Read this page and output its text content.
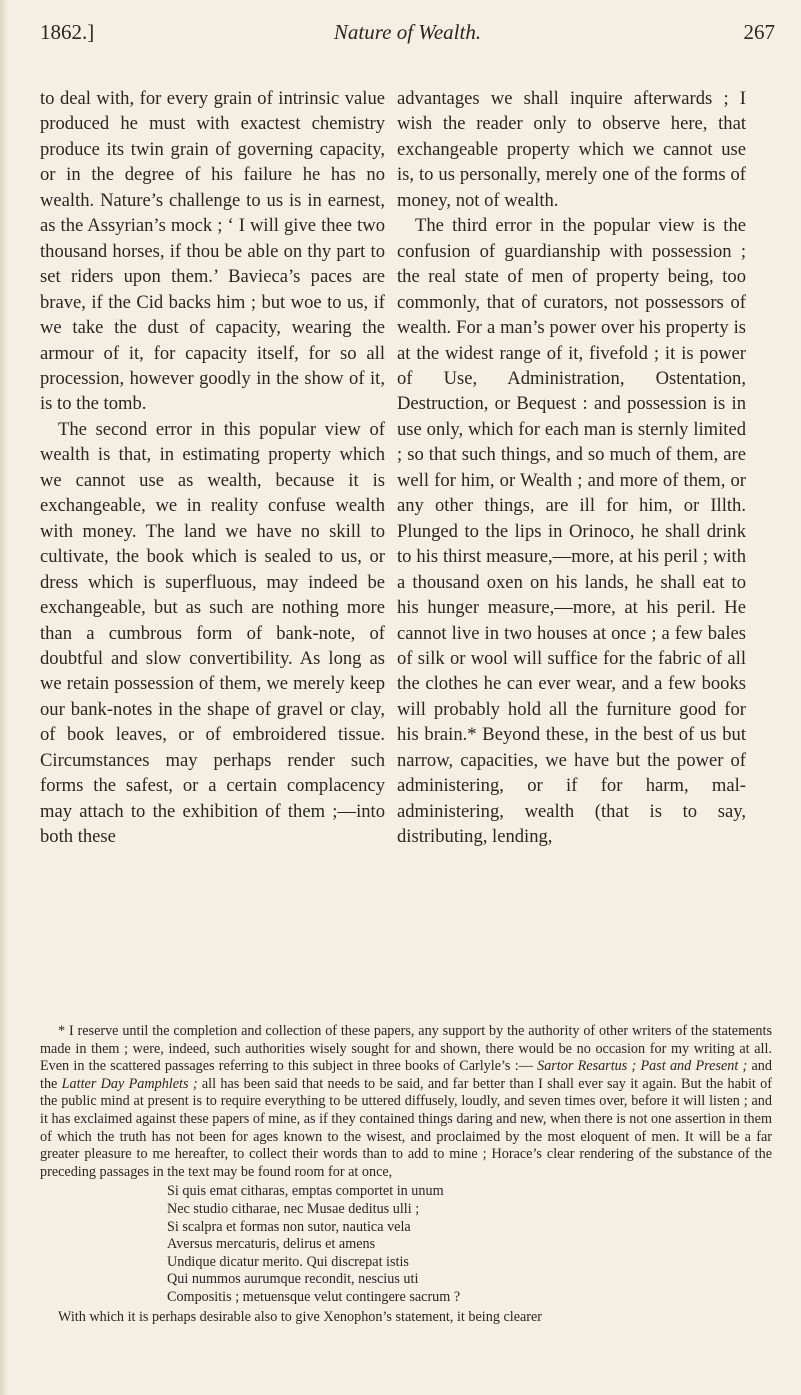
1862.]	Nature of Wealth.	267

to deal with, for every grain of intrinsic value produced he must with exactest chemistry produce its twin grain of governing capacity, or in the degree of his failure he has no wealth. Nature’s challenge to us is in earnest, as the Assyrian’s mock ; ‘ I will give thee two thousand horses, if thou be able on thy part to set riders upon them.’ Bavieca’s paces are brave, if the Cid backs him ; but woe to us, if we take the dust of capacity, wearing the armour of it, for capacity itself, for so all procession, however goodly in the show of it, is to the tomb.

The second error in this popular view of wealth is that, in estimating property which we cannot use as wealth, because it is exchangeable, we in reality confuse wealth with money. The land we have no skill to cultivate, the book which is sealed to us, or dress which is superfluous, may indeed be exchangeable, but as such are nothing more than a cumbrous form of bank-note, of doubtful and slow convertibility. As long as we retain possession of them, we merely keep our bank-notes in the shape of gravel or clay, of book leaves, or of embroidered tissue. Circumstances may perhaps render such forms the safest, or a certain complacency may attach to the exhibition of them ;—into both these

advantages we shall inquire afterwards ; I wish the reader only to observe here, that exchangeable property which we cannot use is, to us personally, merely one of the forms of money, not of wealth.

The third error in the popular view is the confusion of guardianship with possession ; the real state of men of property being, too commonly, that of curators, not possessors of wealth. For a man’s power over his property is at the widest range of it, fivefold ; it is power of Use, Administration, Ostentation, Destruction, or Bequest : and possession is in use only, which for each man is sternly limited ; so that such things, and so much of them, are well for him, or Wealth ; and more of them, or any other things, are ill for him, or Illth. Plunged to the lips in Orinoco, he shall drink to his thirst measure,—more, at his peril ; with a thousand oxen on his lands, he shall eat to his hunger measure,—more, at his peril. He cannot live in two houses at once ; a few bales of silk or wool will suffice for the fabric of all the clothes he can ever wear, and a few books will probably hold all the furniture good for his brain.* Beyond these, in the best of us but narrow, capacities, we have but the power of administering, or if for harm, mal-administering, wealth (that is to say, distributing, lending,

* I reserve until the completion and collection of these papers, any support by the authority of other writers of the statements made in them ; were, indeed, such authorities wisely sought for and shown, there would be no occasion for my writing at all. Even in the scattered passages referring to this subject in three books of Carlyle’s :— Sartor Resartus ; Past and Present ; and the Latter Day Pamphlets ; all has been said that needs to be said, and far better than I shall ever say it again. But the habit of the public mind at present is to require everything to be uttered diffusely, loudly, and seven times over, before it will listen ; and it has exclaimed against these papers of mine, as if they contained things daring and new, when there is not one assertion in them of which the truth has not been for ages known to the wisest, and proclaimed by the most eloquent of men. It will be a far greater pleasure to me hereafter, to collect their words than to add to mine ; Horace’s clear rendering of the substance of the preceding passages in the text may be found room for at once,

Si quis emat citharas, emptas comportet in unum
Nec studio citharae, nec Musae deditus ulli ;
Si scalpra et formas non sutor, nautica vela
Aversus mercaturis, delirus et amens
Undique dicatur merito. Qui discrepat istis
Qui nummos aurumque recondit, nescius uti
Compositis ; metuensque velut contingere sacrum ?

With which it is perhaps desirable also to give Xenophon’s statement, it being clearer
